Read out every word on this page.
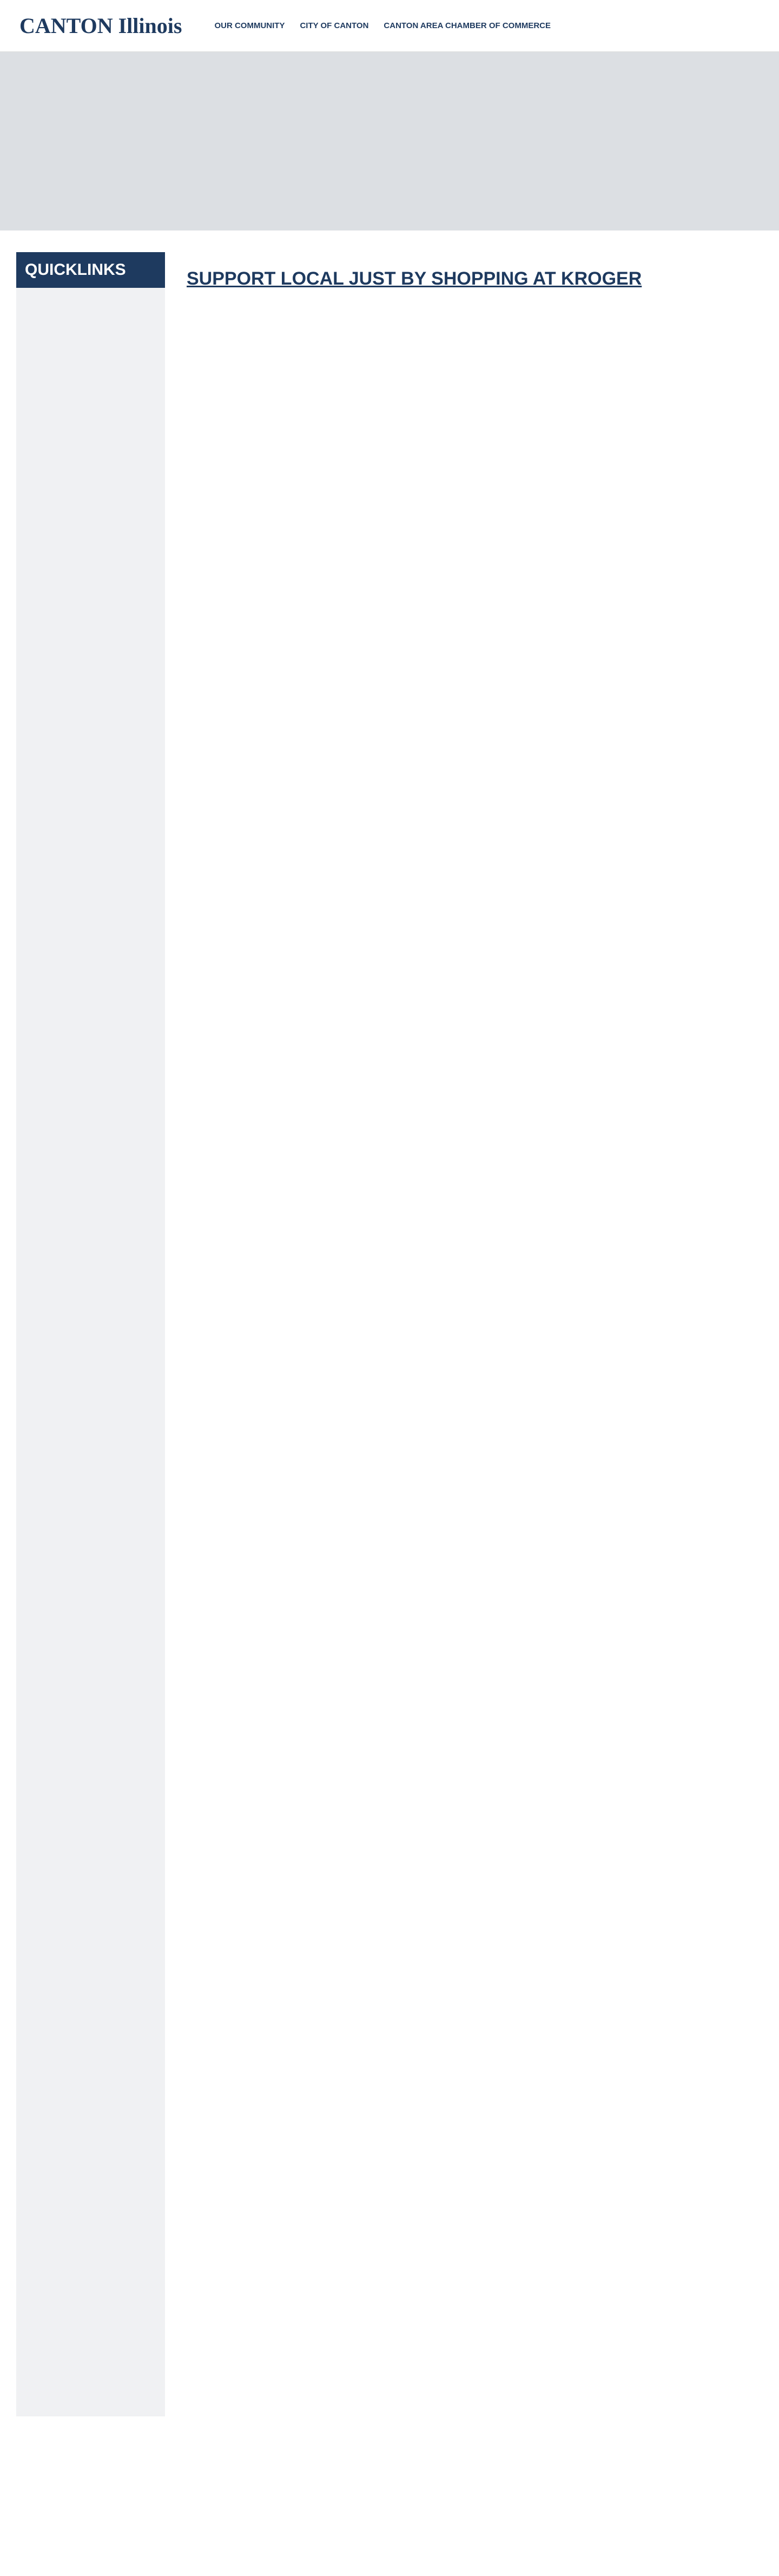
CANTON Illinois	OUR COMMUNITY CITY OF CANTON CANTON AREA CHAMBER OF COMMERCE
QUICKLINKS	SUPPORT LOCAL JUST BY SHOPPING AT KROGER
